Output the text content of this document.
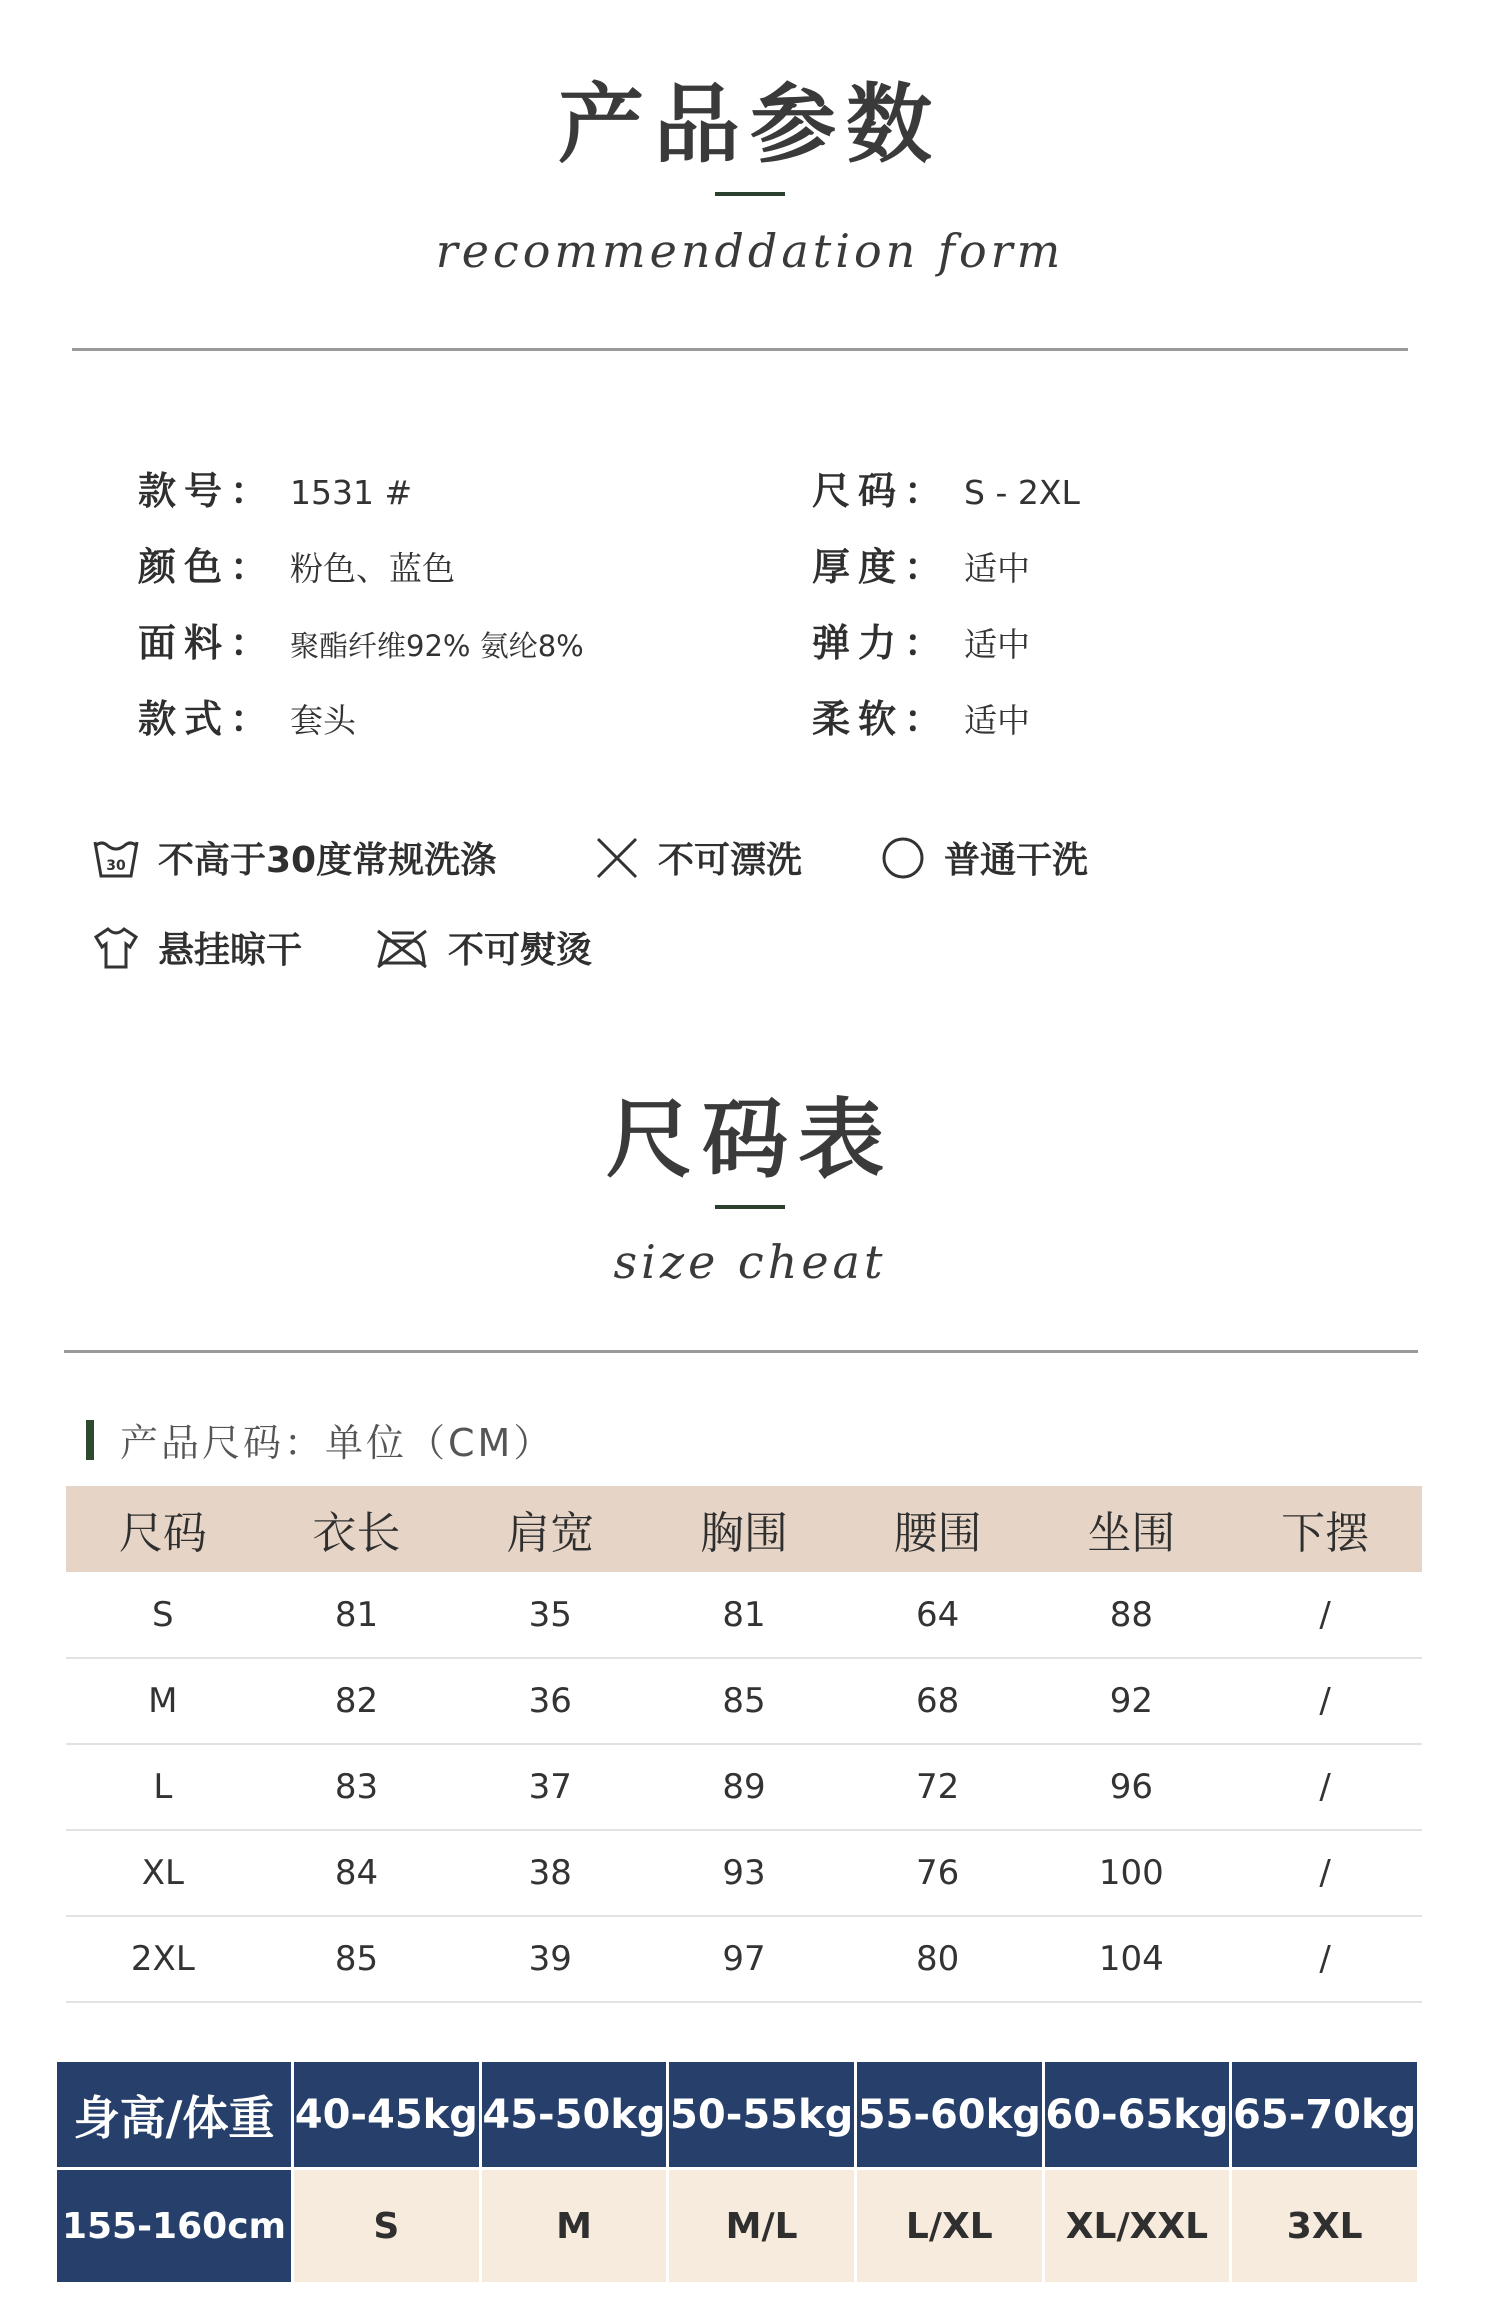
产品参数
recommenddation form
款号 ： 1531 #
颜色 ： 粉色、蓝色
面料 ： 聚酯纤维92% 氨纶8%
款式 ： 套头
尺码 ： S - 2XL
厚度 ： 适中
弹力 ： 适中
柔软 ： 适中
30 不高于30度常规洗涤	不可漂洗	普通干洗
悬挂晾干	不可熨烫
尺码表
size cheat
产品尺码：单位（CM）
尺码	衣长	肩宽	胸围	腰围	坐围	下摆
S	81	35	81	64	88	/
M	82	36	85	68	92	/
L	83	37	89	72	96	/
XL	84	38	93	76	100	/
2XL	85	39	97	80	104	/
身高/体重	40-45kg	45-50kg	50-55kg	55-60kg	60-65kg	65-70kg
155-160cm	S	M	M/L	L/XL	XL/XXL	3XL
